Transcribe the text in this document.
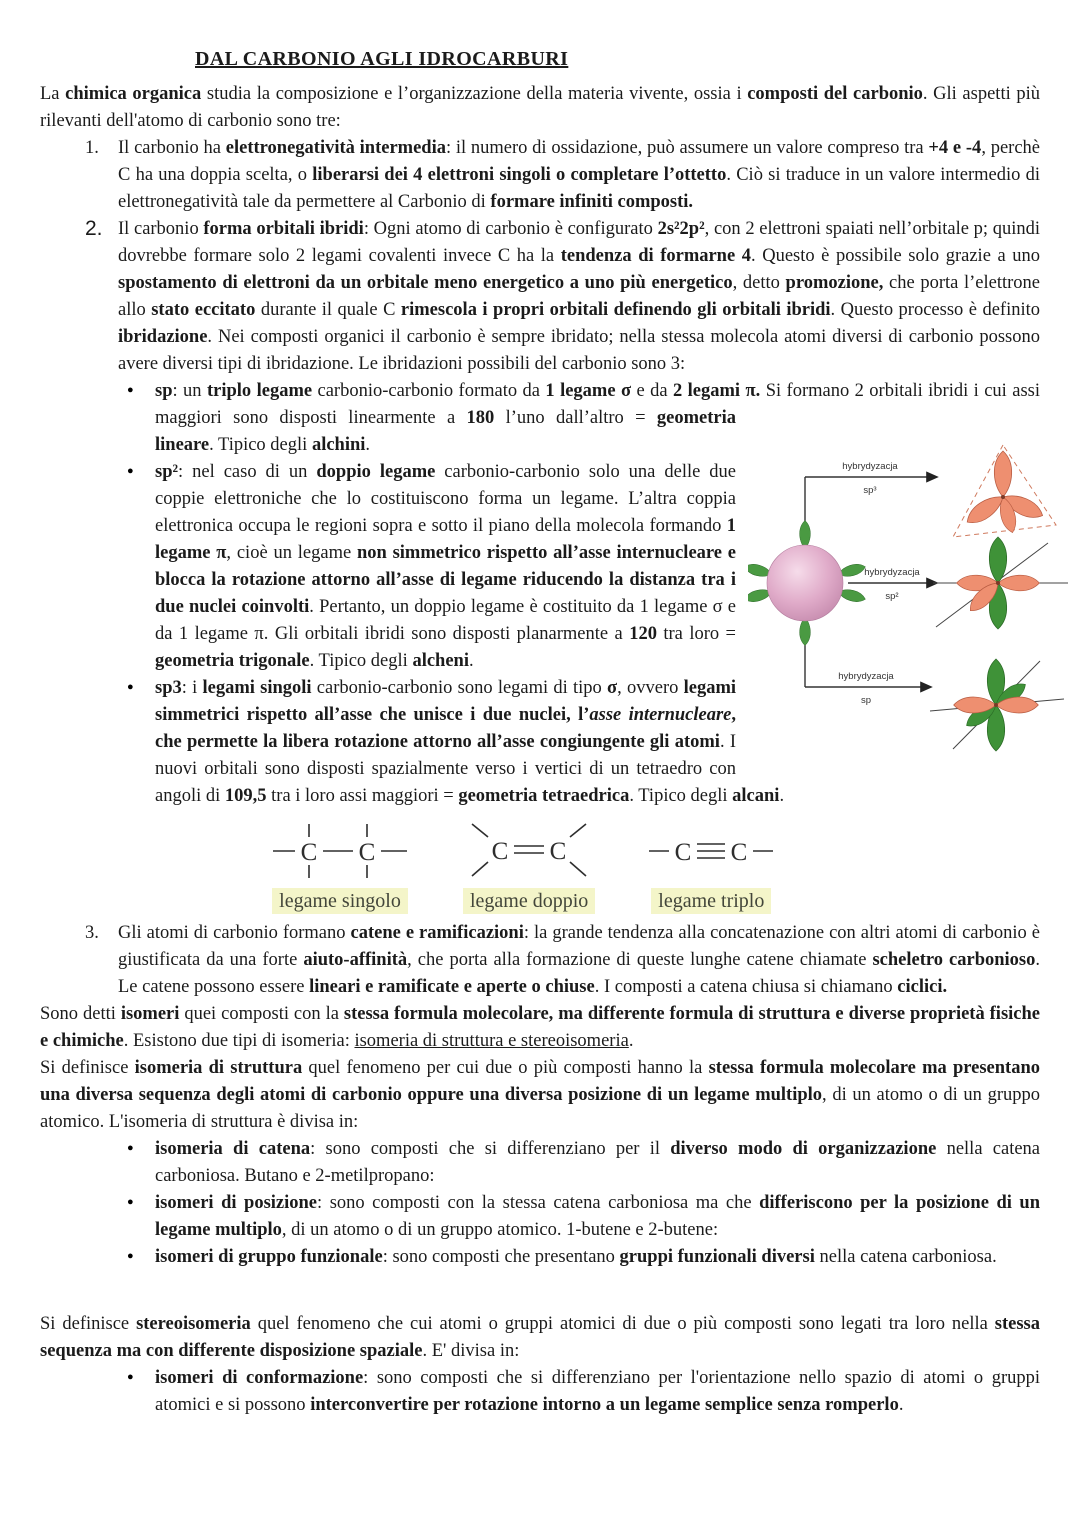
DAL CARBONIO AGLI IDROCARBURI

La chimica organica studia la composizione e l’organizzazione della materia vivente, ossia i composti del carbonio. Gli aspetti più rilevanti dell'atomo di carbonio sono tre:

1.	Il carbonio ha elettronegatività intermedia: il numero di ossidazione, può assumere un valore compreso tra +4 e -4, perchè C ha una doppia scelta, o liberarsi dei 4 elettroni singoli o completare l’ottetto. Ciò si traduce in un valore intermedio di elettronegatività tale da permettere al Carbonio di formare infiniti composti.

2. Il carbonio forma orbitali ibridi: Ogni atomo di carbonio è configurato 2s²2p², con 2 elettroni spaiati nell’orbitale p; quindi dovrebbe formare solo 2 legami covalenti invece C ha la tendenza di formarne 4. Questo è possibile solo grazie a uno spostamento di elettroni da un orbitale meno energetico a uno più energetico, detto promozione, che porta l’elettrone allo stato eccitato durante il quale C rimescola i propri orbitali definendo gli orbitali ibridi. Questo processo è definito ibridazione. Nei composti organici il carbonio è sempre ibridato; nella stessa molecola atomi diversi di carbonio possono avere diversi tipi di ibridazione. Le ibridazioni possibili del carbonio sono 3:

● sp: un triplo legame carbonio-carbonio formato da 1 legame σ e da 2 legami π. Si formano 2 orbitali ibridi i cui
hybrydyzacja
sp³
hybrydyzacja
sp²
hybrydyzacja
sp
assi maggiori sono disposti linearmente a 180 l’uno dall’altro = geometria lineare. Tipico degli alchini.

● sp²: nel caso di un doppio legame carbonio-carbonio solo una delle due coppie elettroniche che lo costituiscono forma un legame. L’altra coppia elettronica occupa le regioni sopra e sotto il piano della molecola formando 1 legame π, cioè un legame non simmetrico rispetto all’asse internucleare e blocca la rotazione attorno all’asse di legame riducendo la distanza tra i due nuclei coinvolti. Pertanto, un doppio legame è costituito da 1 legame σ e da 1 legame π. Gli orbitali ibridi sono disposti planarmente a 120 tra loro = geometria trigonale. Tipico degli alcheni.

● sp3: i legami singoli carbonio-carbonio sono legami di tipo σ, ovvero legami simmetrici rispetto all’asse che unisce i due nuclei, l’asse internucleare, che permette la libera rotazione attorno all’asse congiungente gli atomi. I nuovi orbitali sono disposti spazialmente verso i vertici di un tetraedro con angoli di 109,5 tra i loro assi maggiori = geometria tetraedrica. Tipico degli alcani.

C C
legame singolo
C C
legame doppio
C C
legame triplo
3.	Gli atomi di carbonio formano catene e ramificazioni: la grande tendenza alla concatenazione con altri atomi di carbonio è giustificata da una forte aiuto-affinità, che porta alla formazione di queste lunghe catene chiamate scheletro carbonioso. Le catene possono essere lineari e ramificate e aperte o chiuse. I composti a catena chiusa si chiamano ciclici.

Sono detti isomeri quei composti con la stessa formula molecolare, ma differente formula di struttura e diverse proprietà fisiche e chimiche. Esistono due tipi di isomeria: isomeria di struttura e stereoisomeria.

Si definisce isomeria di struttura quel fenomeno per cui due o più composti hanno la stessa formula molecolare ma presentano una diversa sequenza degli atomi di carbonio oppure una diversa posizione di un legame multiplo, di un atomo o di un gruppo atomico. L'isomeria di struttura è divisa in:

● isomeria di catena: sono composti che si differenziano per il diverso modo di organizzazione nella catena carboniosa. Butano e 2-metilpropano:

● isomeri di posizione: sono composti con la stessa catena carboniosa ma che differiscono per la posizione di un legame multiplo, di un atomo o di un gruppo atomico. 1-butene e 2-butene:

● isomeri di gruppo funzionale: sono composti che presentano gruppi funzionali diversi nella catena carboniosa.

Si definisce stereoisomeria quel fenomeno che cui atomi o gruppi atomici di due o più composti sono legati tra loro nella stessa sequenza ma con differente disposizione spaziale. E' divisa in:

● isomeri di conformazione: sono composti che si differenziano per l'orientazione nello spazio di atomi o gruppi atomici e si possono interconvertire per rotazione intorno a un legame semplice senza romperlo.
